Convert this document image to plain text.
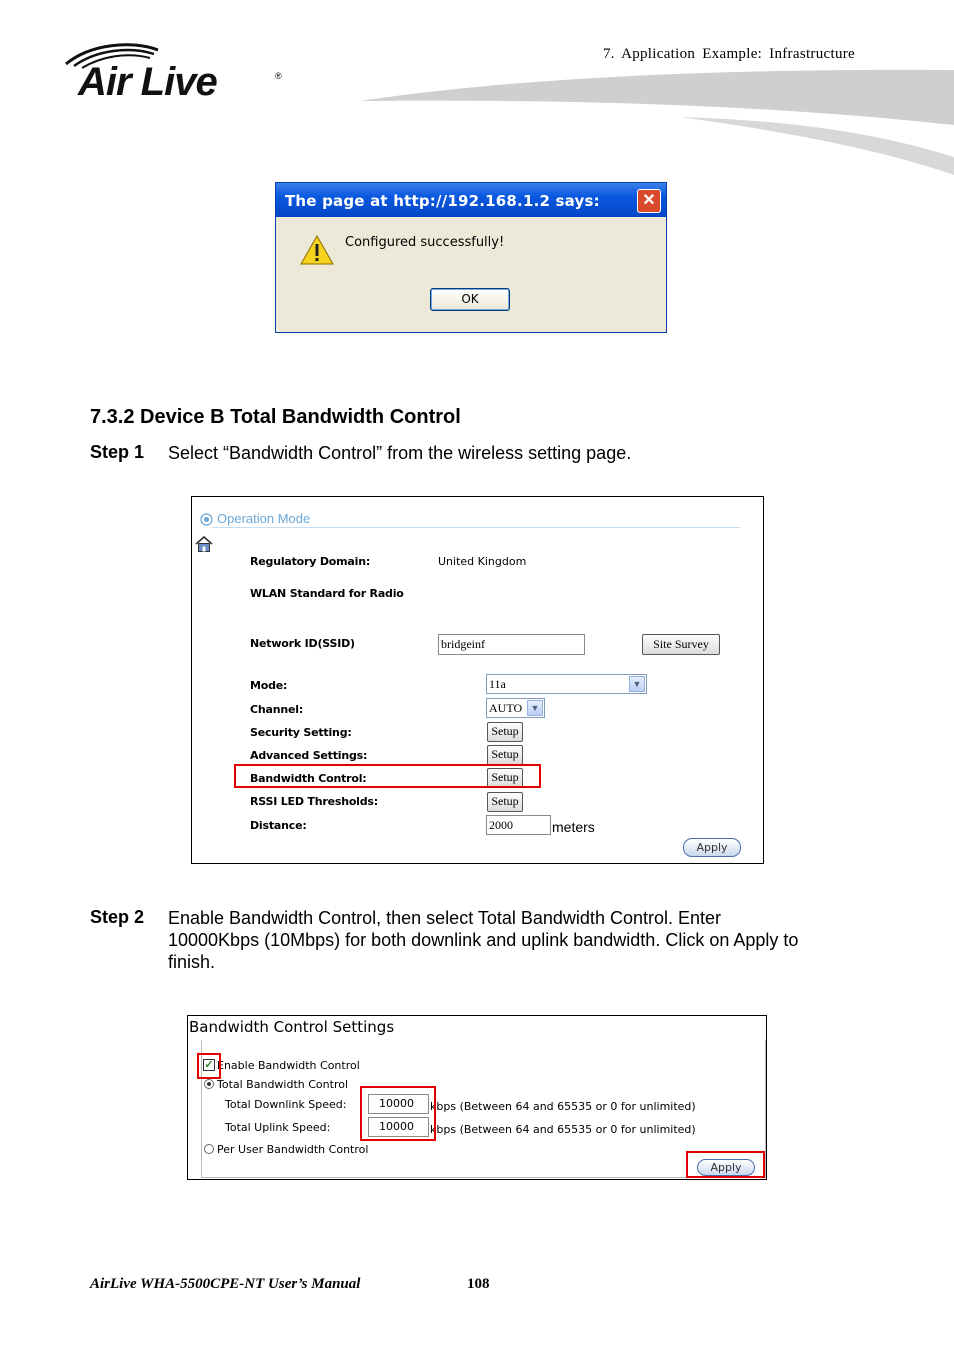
7. Application Example: Infrastructure
Air Live	®
The page at http://192.168.1.2 says:	✕
Configured successfully!
OK
7.3.2 Device B Total Bandwidth Control
Step 1 Select “Bandwidth Control” from the wireless setting page.
Operation Mode
Regulatory Domain:	United Kingdom
WLAN Standard for Radio
Network ID(SSID)	bridgeinf	Site Survey
Mode:	11a	▼
Channel:	AUTO ▼
Security Setting:	Setup
Advanced Settings:	Setup
Bandwidth Control:	Setup
RSSI LED Thresholds:	Setup
Distance:	2000	meters
Apply
Step 2 Enable Bandwidth Control, then select Total Bandwidth Control. Enter
10000Kbps (10Mbps) for both downlink and uplink bandwidth. Click on Apply to
finish.
Bandwidth Control Settings
✓ Enable Bandwidth Control
Total Bandwidth Control
Total Downlink Speed:	10000	kbps (Between 64 and 65535 or 0 for unlimited)
Total Uplink Speed:	10000	kbps (Between 64 and 65535 or 0 for unlimited)
Per User Bandwidth Control
Apply
AirLive WHA-5500CPE-NT User’s Manual	108
